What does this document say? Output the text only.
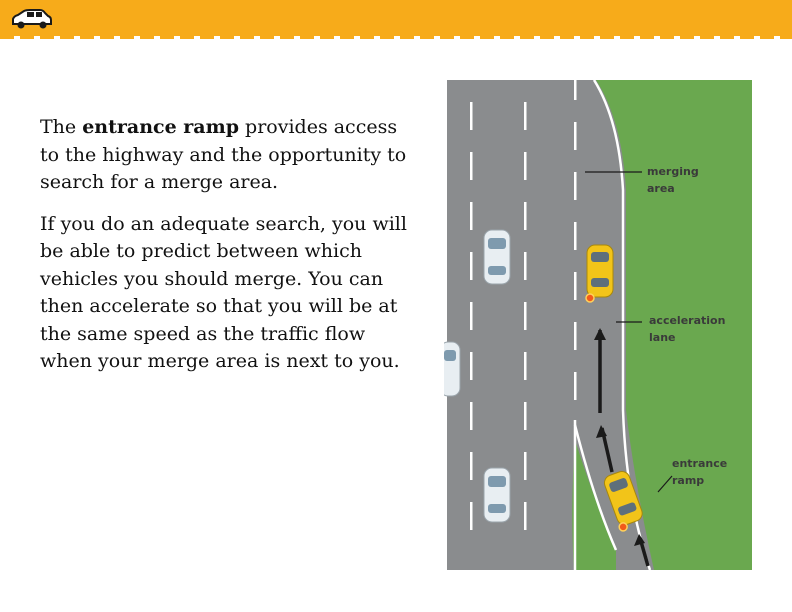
The entrance ramp provides access to the highway and the opportunity to search for a merge area.

If you do an adequate search, you will be able to predict between which vehicles you should merge. You can then accelerate so that you will be at the same speed as the traffic flow when your merge area is next to you.

merging
area
acceleration
lane
entrance
ramp
